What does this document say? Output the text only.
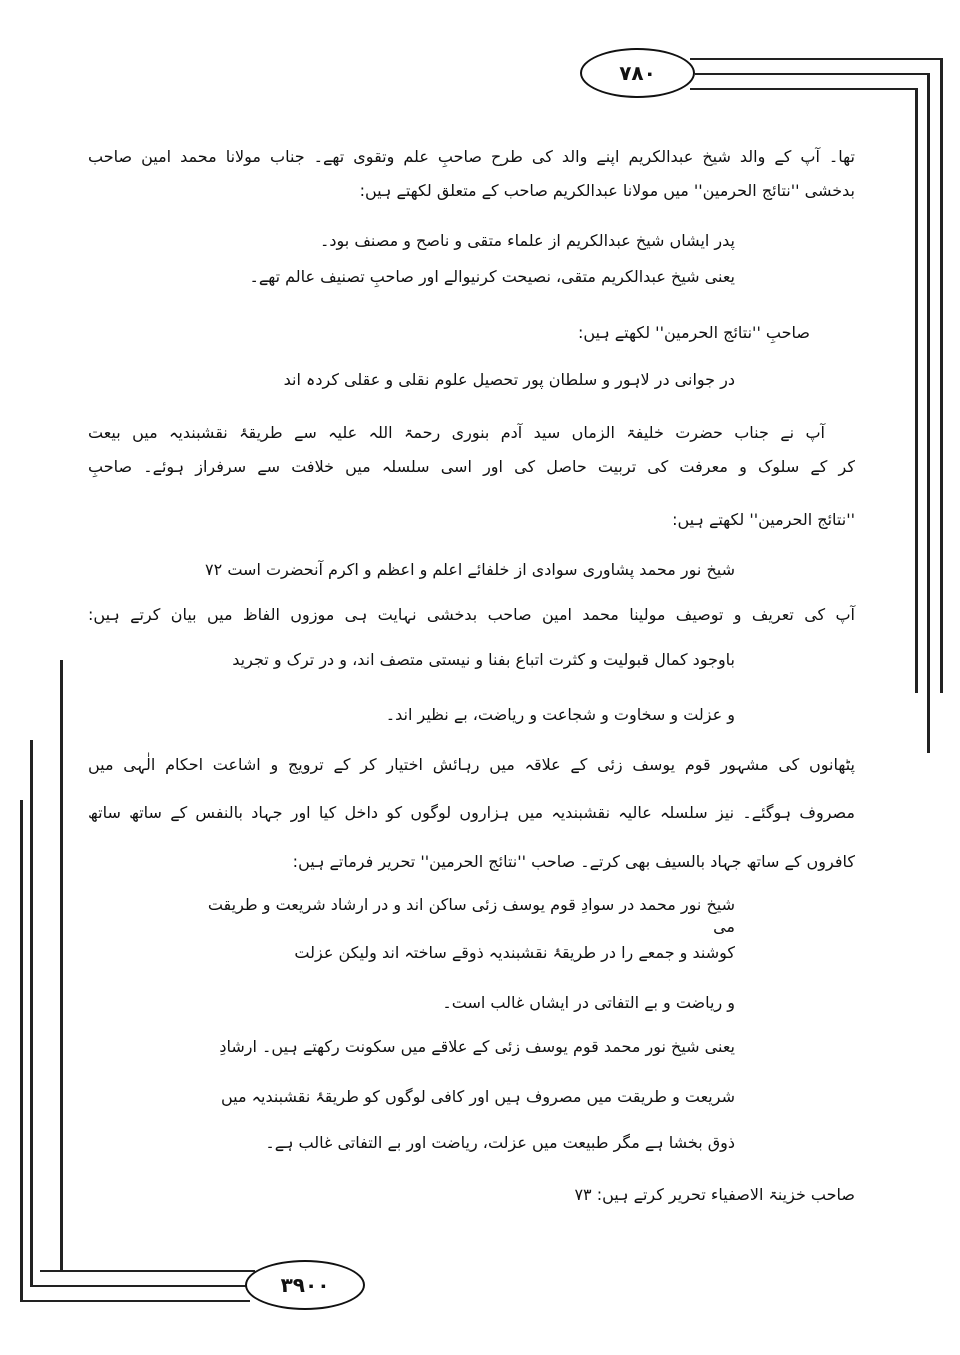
۷۸۰
۳۹۰۰
تھا۔ آپ کے والد شیخ عبدالکریم اپنے والد کی طرح صاحبِ علم وتقوی تھے۔ جناب مولانا محمد امین صاحب
بدخشی ''نتائج الحرمین'' میں مولانا عبدالکریم صاحب کے متعلق لکھتے ہیں:
پدر ایشاں شیخ عبدالکریم از علماء متقی و ناصح و مصنف بود۔
یعنی شیخ عبدالکریم متقی، نصیحت کرنیوالے اور صاحبِ تصنیف عالم تھے۔
صاحبِ ''نتائج الحرمین'' لکھتے ہیں:
در جوانی در لاہور و سلطان پور تحصیل علوم نقلی و عقلی کردہ اند
آپ نے جناب حضرت خلیفۃ الزماں سید آدم بنوری رحمۃ اللہ علیہ سے طریقۂ نقشبندیہ میں بیعت
کر کے سلوک و معرفت کی تربیت حاصل کی اور اسی سلسلہ میں خلافت سے سرفراز ہوئے۔ صاحبِ
''نتائج الحرمین'' لکھتے ہیں:
شیخ نور محمد پشاوری سوادی از خلفائے اعلم و اعظم و اکرم آنحضرت است ۷۲
آپ کی تعریف و توصیف مولینا محمد امین صاحب بدخشی نہایت ہی موزوں الفاظ میں بیان کرتے ہیں:
باوجود کمال قبولیت و کثرت اتباع بفنا و نیستی متصف اند، و در ترک و تجرید
و عزلت و سخاوت و شجاعت و ریاضت، بے نظیر اند۔
پٹھانوں کی مشہور قوم یوسف زئی کے علاقہ میں رہائش اختیار کر کے ترویج و اشاعت احکام الٰہی میں
مصروف ہوگئے۔ نیز سلسلہ عالیہ نقشبندیہ میں ہزاروں لوگوں کو داخل کیا اور جہاد بالنفس کے ساتھ ساتھ
کافروں کے ساتھ جہاد بالسیف بھی کرتے۔ صاحب ''نتائج الحرمین'' تحریر فرماتے ہیں:
شیخ نور محمد در سوادِ قوم یوسف زئی ساکن اند و در ارشاد شریعت و طریقت می
کوشند و جمعے را در طریقۂ نقشبندیہ ذوقے ساختہ اند ولیکن عزلت
و ریاضت و بے التفاتی در ایشاں غالب است۔
یعنی شیخ نور محمد قوم یوسف زئی کے علاقے میں سکونت رکھتے ہیں۔ ارشادِ
شریعت و طریقت میں مصروف ہیں اور کافی لوگوں کو طریقۂ نقشبندیہ میں
ذوق بخشا ہے مگر طبیعت میں عزلت، ریاضت اور بے التفاتی غالب ہے۔
صاحب خزینۃ الاصفیاء تحریر کرتے ہیں: ۷۳
